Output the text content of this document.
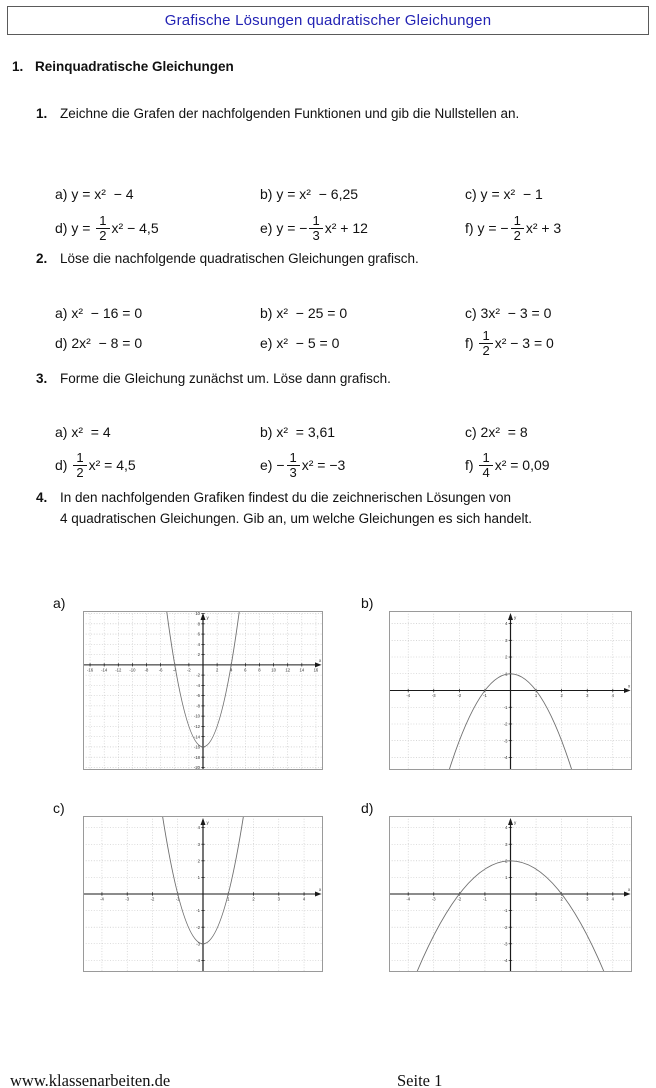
Grafische Lösungen quadratischer Gleichungen
1. Reinquadratische Gleichungen
1. Zeichne die Grafen der nachfolgenden Funktionen und gib die Nullstellen an.
a) y = x²  − 4	b) y = x²  − 6,25	c) y = x²  − 1
d) $y = \frac{1}{2} x^2 - 4,5$	e) y = − $\frac{1}{3} x^2 + 12$	f) y = − $\frac{1}{2} x^2 + 3$
2. Löse die nachfolgende quadratischen Gleichungen grafisch.
a) x²  − 16 = 0	b) x²  − 25 = 0	c) 3x²  − 3 = 0
d) 2x²  − 8 = 0	e) x²  − 5 = 0	$f) \frac{1}{2} x^2 - 3 = 0$
3. Forme die Gleichung zunächst um. Löse dann grafisch.
a) x²  = 4	b) x²  = 3,61	c) 2x²  = 8
$d) \frac{1}{2} x^2 = 4,5$	$e) - \frac{1}{3} x^2 = -3$	$f) \frac{1}{4} x^2 = 0,09$
4. In den nachfolgenden Grafiken findest du die zeichnerischen Lösungen von
4 quadratischen Gleichungen. Gib an, um welche Gleichungen es sich handelt.
a)
x
y
-16 -14 -12 -10 -8 -6 -4 -2	2	4	6	8	10 12 14 16
-20
-18
-16
-14
-12
-10
-8
-6
-4
-2
2
4
6
8
10
b)
x
y
-4	-3	-2	-1	1	2	3	4
-4
-3
-2
-1
1
2
3
4
c)
x
y
-4	-3	-2	-1	1	2	3	4
-4
-3
-2
-1
1
2
3
4
d)
x
y
-4	-3	-2	-1	1	2	3	4
-4
-3
-2
-1
1
2
3
4
www.klassenarbeiten.de	Seite 1
